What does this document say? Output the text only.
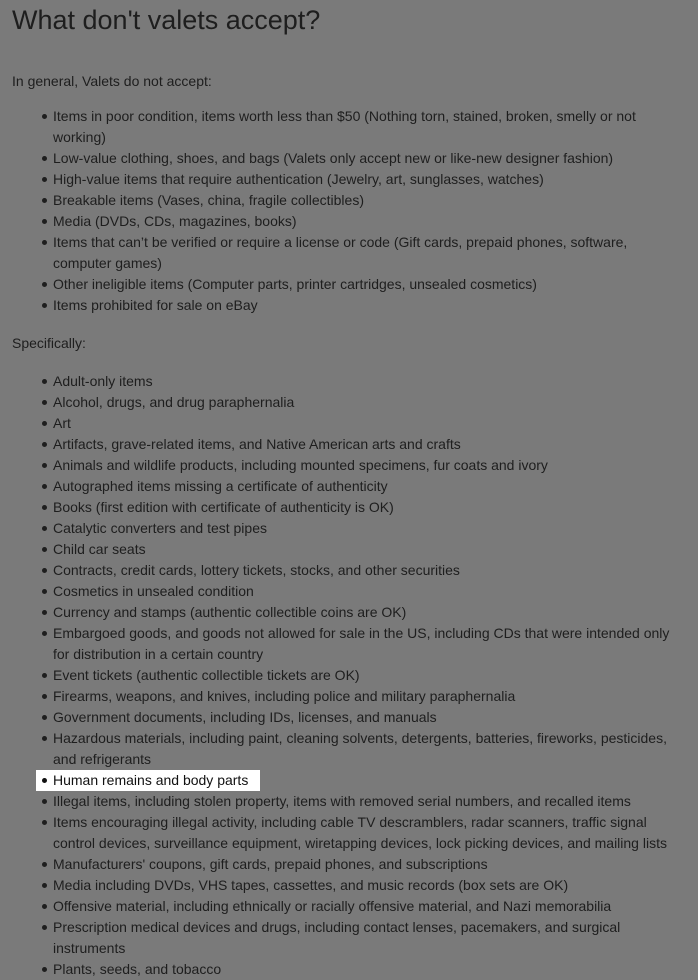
What don't valets accept?

In general, Valets do not accept:

Items in poor condition, items worth less than $50 (Nothing torn, stained, broken, smelly or not working)
Low-value clothing, shoes, and bags (Valets only accept new or like-new designer fashion)
High-value items that require authentication (Jewelry, art, sunglasses, watches)
Breakable items (Vases, china, fragile collectibles)
Media (DVDs, CDs, magazines, books)
Items that can’t be verified or require a license or code (Gift cards, prepaid phones, software, computer games)
Other ineligible items (Computer parts, printer cartridges, unsealed cosmetics)
Items prohibited for sale on eBay

Specifically:

Adult-only items
Alcohol, drugs, and drug paraphernalia
Art
Artifacts, grave-related items, and Native American arts and crafts
Animals and wildlife products, including mounted specimens, fur coats and ivory
Autographed items missing a certificate of authenticity
Books (first edition with certificate of authenticity is OK)
Catalytic converters and test pipes
Child car seats
Contracts, credit cards, lottery tickets, stocks, and other securities
Cosmetics in unsealed condition
Currency and stamps (authentic collectible coins are OK)
Embargoed goods, and goods not allowed for sale in the US, including CDs that were intended only for distribution in a certain country
Event tickets (authentic collectible tickets are OK)
Firearms, weapons, and knives, including police and military paraphernalia
Government documents, including IDs, licenses, and manuals
Hazardous materials, including paint, cleaning solvents, detergents, batteries, fireworks, pesticides, and refrigerants
Human remains and body parts
Illegal items, including stolen property, items with removed serial numbers, and recalled items
Items encouraging illegal activity, including cable TV descramblers, radar scanners, traffic signal control devices, surveillance equipment, wiretapping devices, lock picking devices, and mailing lists
Manufacturers' coupons, gift cards, prepaid phones, and subscriptions
Media including DVDs, VHS tapes, cassettes, and music records (box sets are OK)
Offensive material, including ethnically or racially offensive material, and Nazi memorabilia
Prescription medical devices and drugs, including contact lenses, pacemakers, and surgical instruments
Plants, seeds, and tobacco
